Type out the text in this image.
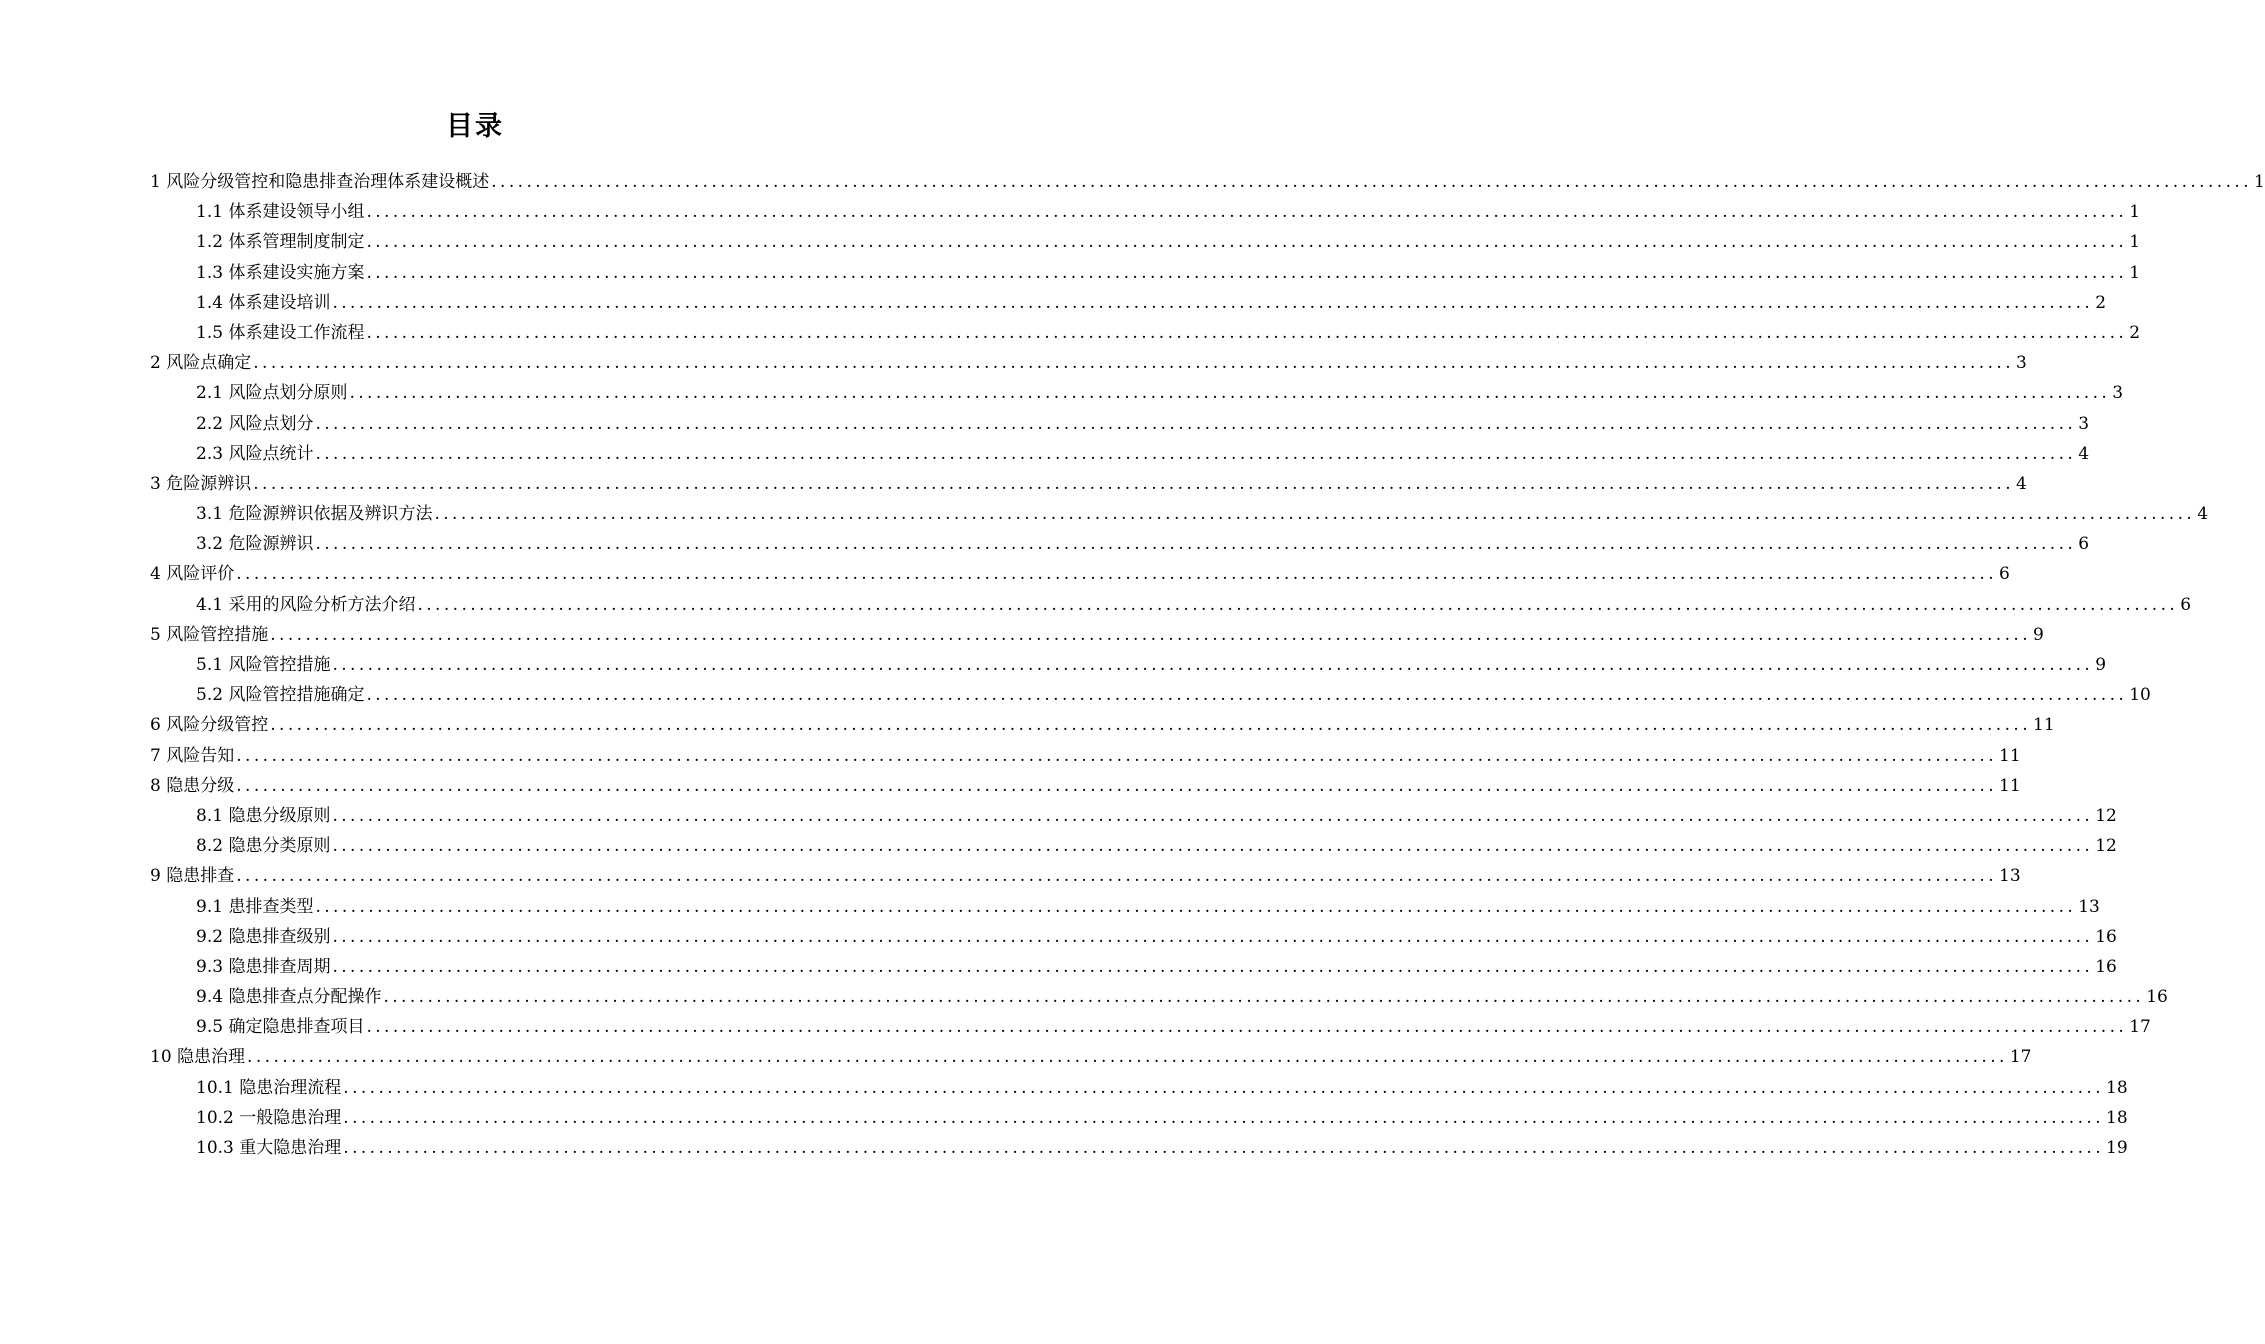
目录
1 风险分级管控和隐患排查治理体系建设概述 ........................................................................................................................................................................................................ 1
1.1 体系建设领导小组 ........................................................................................................................................................................................................ 1
1.2 体系管理制度制定 ........................................................................................................................................................................................................ 1
1.3 体系建设实施方案 ........................................................................................................................................................................................................ 1
1.4 体系建设培训 ........................................................................................................................................................................................................ 2
1.5 体系建设工作流程 ........................................................................................................................................................................................................ 2
2 风险点确定 ........................................................................................................................................................................................................ 3
2.1 风险点划分原则 ........................................................................................................................................................................................................ 3
2.2 风险点划分 ........................................................................................................................................................................................................ 3
2.3 风险点统计 ........................................................................................................................................................................................................ 4
3 危险源辨识 ........................................................................................................................................................................................................ 4
3.1 危险源辨识依据及辨识方法 ........................................................................................................................................................................................................ 4
3.2 危险源辨识 ........................................................................................................................................................................................................ 6
4 风险评价 ........................................................................................................................................................................................................ 6
4.1 采用的风险分析方法介绍 ........................................................................................................................................................................................................ 6
5 风险管控措施 ........................................................................................................................................................................................................ 9
5.1 风险管控措施 ........................................................................................................................................................................................................ 9
5.2 风险管控措施确定 ........................................................................................................................................................................................................ 10
6 风险分级管控 ........................................................................................................................................................................................................ 11
7 风险告知 ........................................................................................................................................................................................................ 11
8 隐患分级 ........................................................................................................................................................................................................ 11
8.1 隐患分级原则 ........................................................................................................................................................................................................ 12
8.2 隐患分类原则 ........................................................................................................................................................................................................ 12
9 隐患排查 ........................................................................................................................................................................................................ 13
9.1 患排查类型 ........................................................................................................................................................................................................ 13
9.2 隐患排查级别 ........................................................................................................................................................................................................ 16
9.3 隐患排查周期 ........................................................................................................................................................................................................ 16
9.4 隐患排查点分配操作 ........................................................................................................................................................................................................ 16
9.5 确定隐患排查项目 ........................................................................................................................................................................................................ 17
10 隐患治理 ........................................................................................................................................................................................................ 17
10.1 隐患治理流程 ........................................................................................................................................................................................................ 18
10.2 一般隐患治理 ........................................................................................................................................................................................................ 18
10.3 重大隐患治理 ........................................................................................................................................................................................................ 19
